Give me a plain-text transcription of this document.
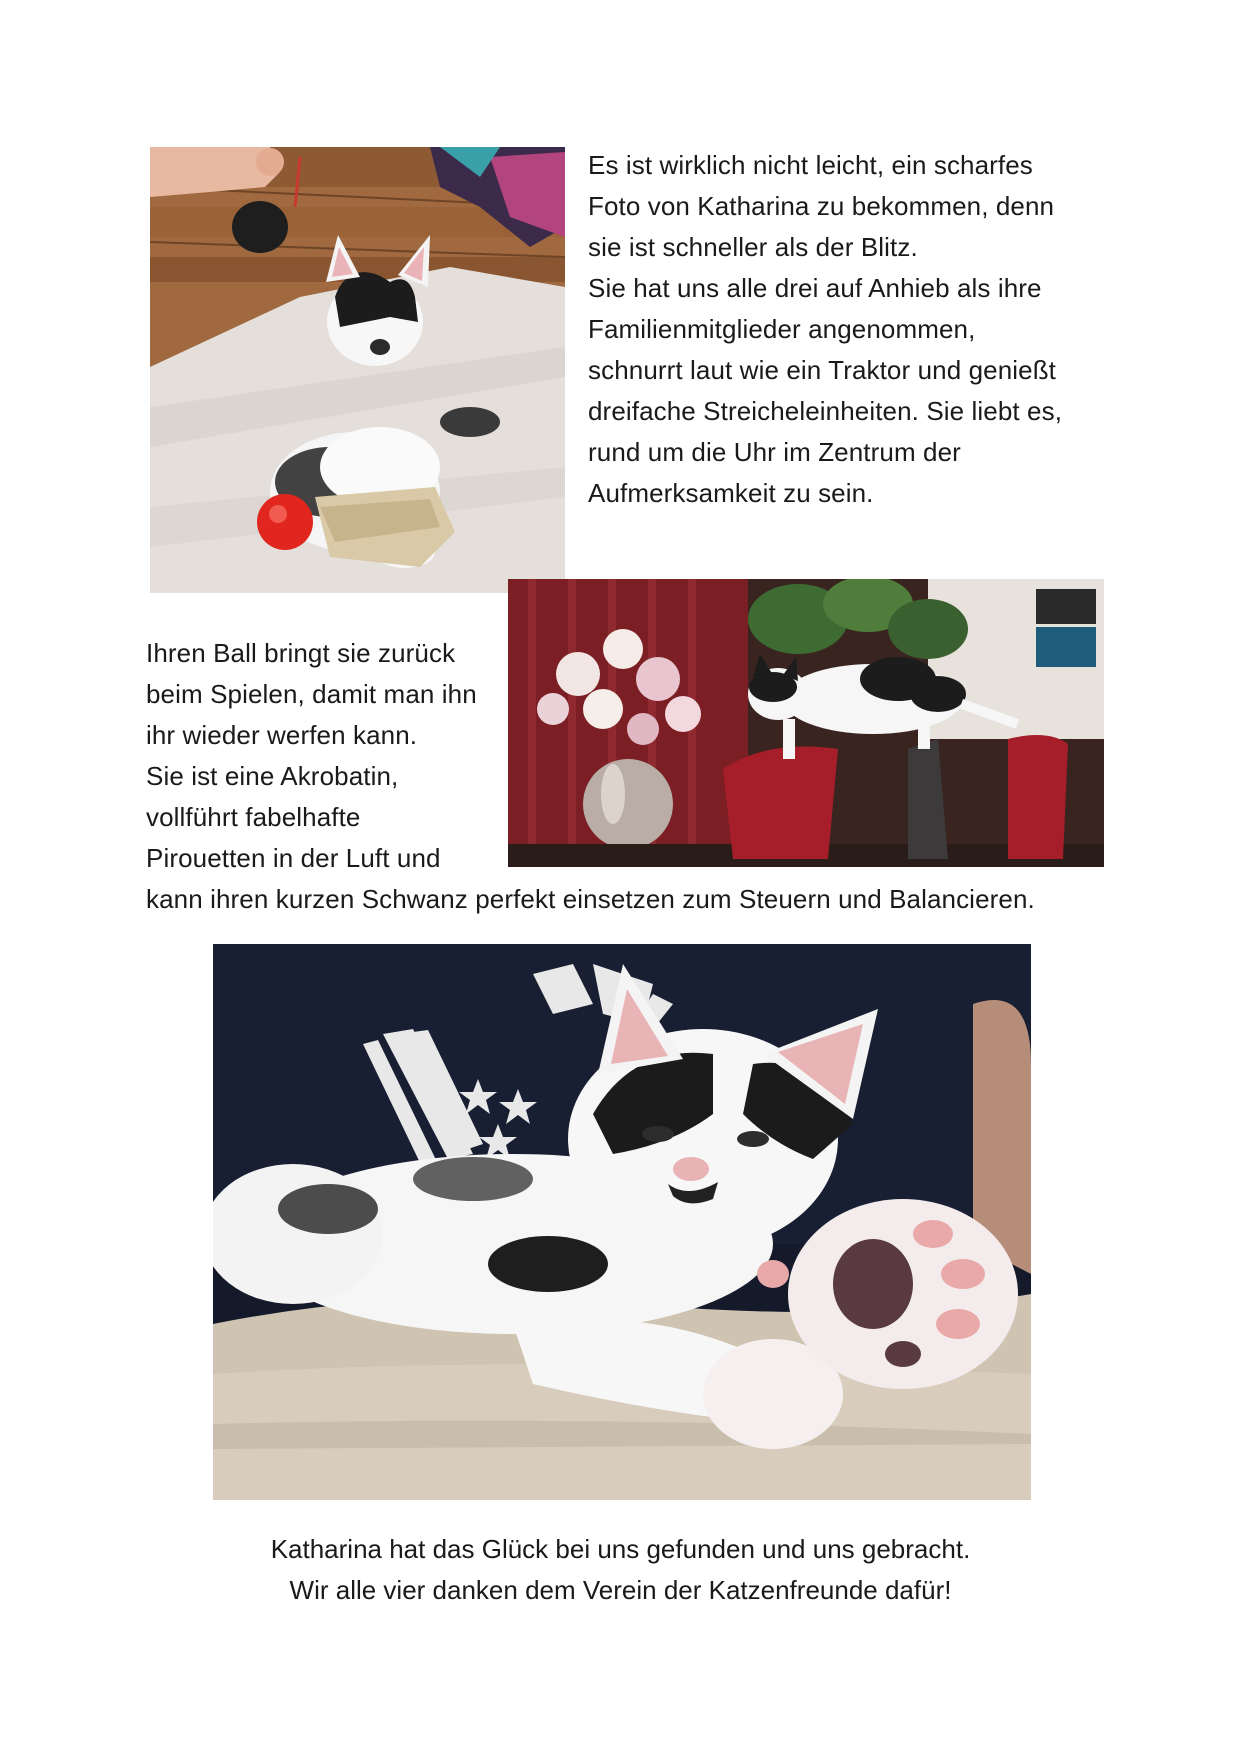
Es ist wirklich nicht leicht, ein scharfes
Foto von Katharina zu bekommen, denn
sie ist schneller als der Blitz.
Sie hat uns alle drei auf Anhieb als ihre
Familienmitglieder angenommen,
schnurrt laut wie ein Traktor und genießt
dreifache Streicheleinheiten. Sie liebt es,
rund um die Uhr im Zentrum der
Aufmerksamkeit zu sein.
Ihren Ball bringt sie zurück
beim Spielen, damit man ihn
ihr wieder werfen kann.
Sie ist eine Akrobatin,
vollführt fabelhafte
Pirouetten in der Luft und
kann ihren kurzen Schwanz perfekt einsetzen zum Steuern und Balancieren.
Katharina hat das Glück bei uns gefunden und uns gebracht.
Wir alle vier danken dem Verein der Katzenfreunde dafür!
